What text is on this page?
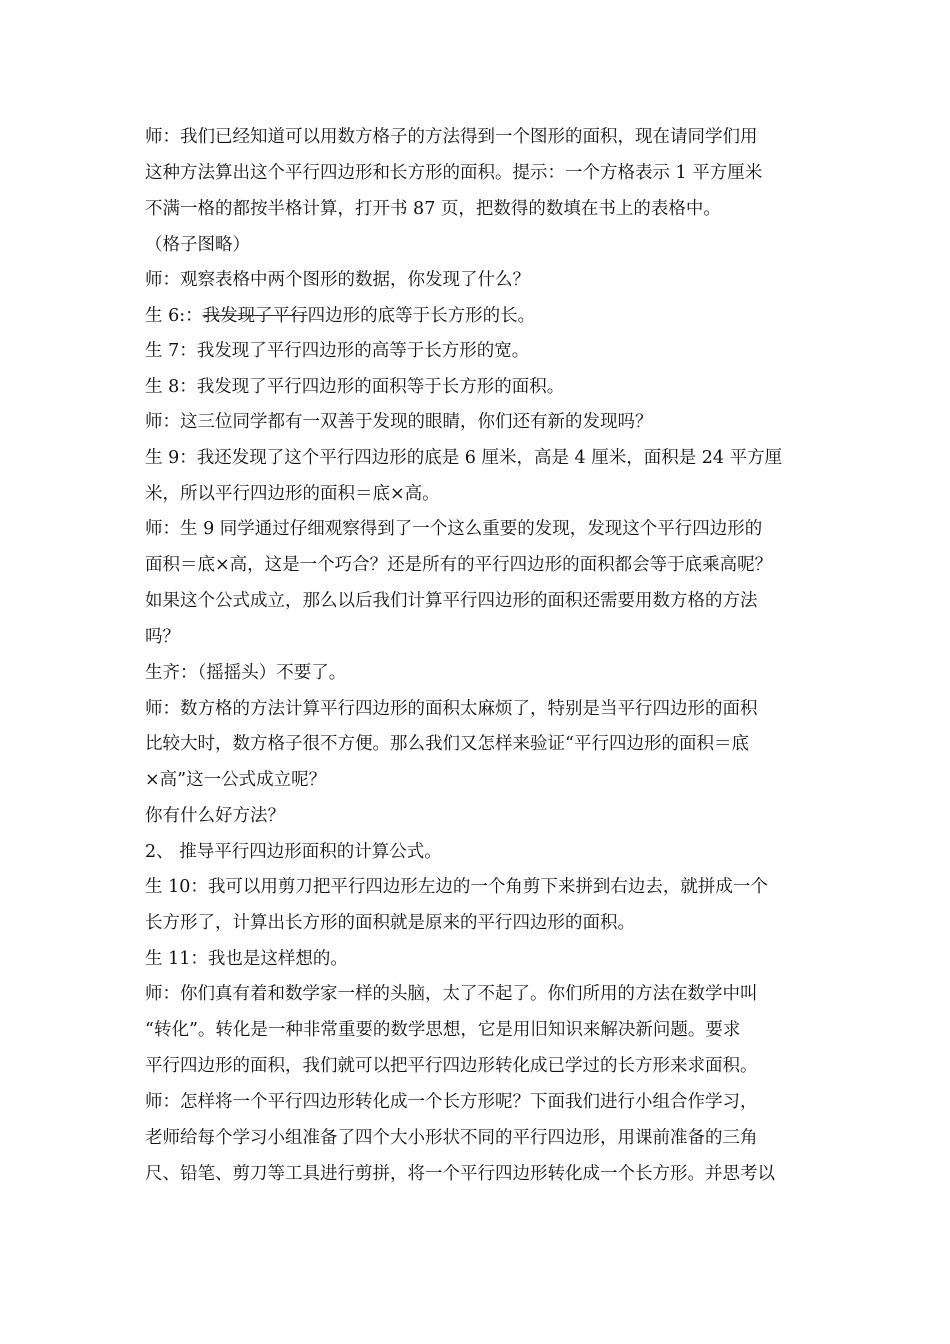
师：我们已经知道可以用数方格子的方法得到一个图形的面积，现在请同学们用
这种方法算出这个平行四边形和长方形的面积。提示：一个方格表示 1 平方厘米
不满一格的都按半格计算，打开书 87 页，把数得的数填在书上的表格中。

（格子图略）

师：观察表格中两个图形的数据，你发现了什么？

生 6:：我发现了平行四边形的底等于长方形的长。

生 7：我发现了平行四边形的高等于长方形的宽。

生 8：我发现了平行四边形的面积等于长方形的面积。

师：这三位同学都有一双善于发现的眼睛，你们还有新的发现吗？

生 9：我还发现了这个平行四边形的底是 6 厘米，高是 4 厘米，面积是 24 平方厘
米，所以平行四边形的面积＝底×高。

师：生 9 同学通过仔细观察得到了一个这么重要的发现，发现这个平行四边形的
面积＝底×高，这是一个巧合？还是所有的平行四边形的面积都会等于底乘高呢？
如果这个公式成立，那么以后我们计算平行四边形的面积还需要用数方格的方法
吗？

生齐：（摇摇头）不要了。

师：数方格的方法计算平行四边形的面积太麻烦了，特别是当平行四边形的面积
比较大时，数方格子很不方便。那么我们又怎样来验证“平行四边形的面积＝底
×高”这一公式成立呢？

你有什么好方法？

2、 推导平行四边形面积的计算公式。

生 10：我可以用剪刀把平行四边形左边的一个角剪下来拼到右边去，就拼成一个
长方形了，计算出长方形的面积就是原来的平行四边形的面积。

生 11：我也是这样想的。

师：你们真有着和数学家一样的头脑，太了不起了。你们所用的方法在数学中叫
“转化”。转化是一种非常重要的数学思想，它是用旧知识来解决新问题。要求
平行四边形的面积，我们就可以把平行四边形转化成已学过的长方形来求面积。

师：怎样将一个平行四边形转化成一个长方形呢？下面我们进行小组合作学习，
老师给每个学习小组准备了四个大小形状不同的平行四边形，用课前准备的三角
尺、铅笔、剪刀等工具进行剪拼，将一个平行四边形转化成一个长方形。并思考以
